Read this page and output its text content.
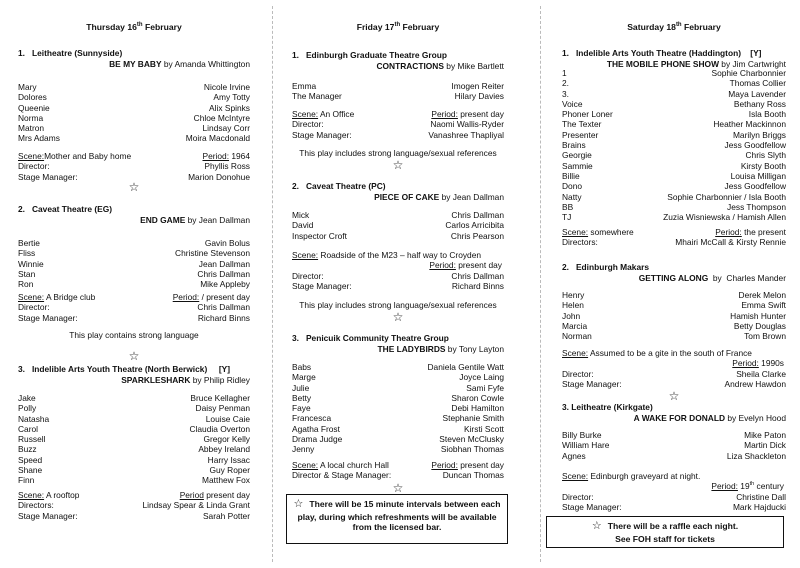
Thursday 16th February
1.   Leitheatre (Sunnyside)
BE MY BABY by Amanda Whittington
Mary	Nicole Irvine
Dolores	Amy Totty
Queenie	Alix Spinks
Norma	Chloe McIntyre
Matron	Lindsay Corr
Mrs Adams	Moira Macdonald
Scene:Mother and Baby home	Period: 1964
Director:	Phyllis Ross
Stage Manager:	Marion Donohue
☆
2.   Caveat Theatre (EG)
END GAME by Jean Dallman
Bertie	Gavin Bolus
Fliss	Christine Stevenson
Winnie	Jean Dallman
Stan	Chris Dallman
Ron	Mike Appleby
Scene: A Bridge club	Period: / present day
Director:	Chris Dallman
Stage Manager:	Richard Binns
This play contains strong language
☆
3.   Indelible Arts Youth Theatre (North Berwick)     [Y]
SPARKLESHARK by Philip Ridley
Jake	Bruce Kellagher
Polly	Daisy Penman
Natasha	Louise Caie
Carol	Claudia Overton
Russell	Gregor Kelly
Buzz	Abbey Ireland
Speed	Harry Issac
Shane	Guy Roper
Finn	Matthew Fox
Scene: A rooftop	Period present day
Directors:	Lindsay Spear & Linda Grant
Stage Manager:	Sarah Potter
Friday 17th February
1.   Edinburgh Graduate Theatre Group
CONTRACTIONS by Mike Bartlett
Emma	Imogen Reiter
The Manager	Hilary Davies
Scene: An Office	Period: present day
Director:	Naomi Wallis-Ryder
Stage Manager:	Vanashree Thapliyal
This play includes strong language/sexual references
☆
2.   Caveat Theatre (PC)
PIECE OF CAKE by Jean Dallman
Mick	Chris Dallman
David	Carlos Arricibita
Inspector Croft	Chris Pearson
Scene: Roadside of the M23 – half way to Croyden
Period: present day
Director:	Chris Dallman
Stage Manager:	Richard Binns
This play includes strong language/sexual references
☆
3.   Penicuik Community Theatre Group
THE LADYBIRDS by Tony Layton
Babs	Daniela Gentile Watt
Marge	Joyce Laing
Julie	Sami Fyfe
Betty	Sharon Cowle
Faye	Debi Hamilton
Francesca	Stephanie Smith
Agatha Frost	Kirsti Scott
Drama Judge	Steven McClusky
Jenny	Siobhan Thomas
Scene: A local church Hall	Period: present day
Director & Stage Manager:	Duncan Thomas
☆
☆ There will be 15 minute intervals between each play, during which refreshments will be available from the licensed bar.
Saturday 18th February
1.   Indelible Arts Youth Theatre (Haddington)    [Y]
THE MOBILE PHONE SHOW by Jim Cartwright
1	Sophie Charbonnier
2.	Thomas Collier
3.	Maya Lavender
Voice	Bethany Ross
Phoner Loner	Isla Booth
The Texter	Heather Mackinnon
Presenter	Marilyn Briggs
Brains	Jess Goodfellow
Georgie	Chris Slyth
Sammie	Kirsty Booth
Billie	Louisa Milligan
Dono	Jess Goodfellow
Natty	Sophie Charbonnier / Isla Booth
BB	Jess Thompson
TJ	Zuzia Wisniewska / Hamish Allen
Scene: somewhere	Period: the present
Directors:	Mhairi McCall & Kirsty Rennie
2.   Edinburgh Makars
GETTING ALONG  by  Charles Mander
Henry	Derek Melon
Helen	Emma Swift
John	Hamish Hunter
Marcia	Betty Douglas
Norman	Tom Brown
Scene: Assumed to be a gite in the south of France
Period: 1990s
Director:	Sheila Clarke
Stage Manager:	Andrew Hawdon
☆
3. Leitheatre (Kirkgate)
A WAKE FOR DONALD by Evelyn Hood
Billy Burke	Mike Paton
William Hare	Martin Dick
Agnes	Liza Shackleton
Scene: Edinburgh graveyard at night.
Period: 19th century
Director:	Christine Dall
Stage Manager:	Mark Hajducki
☆ There will be a raffle each night.
See FOH staff for tickets
